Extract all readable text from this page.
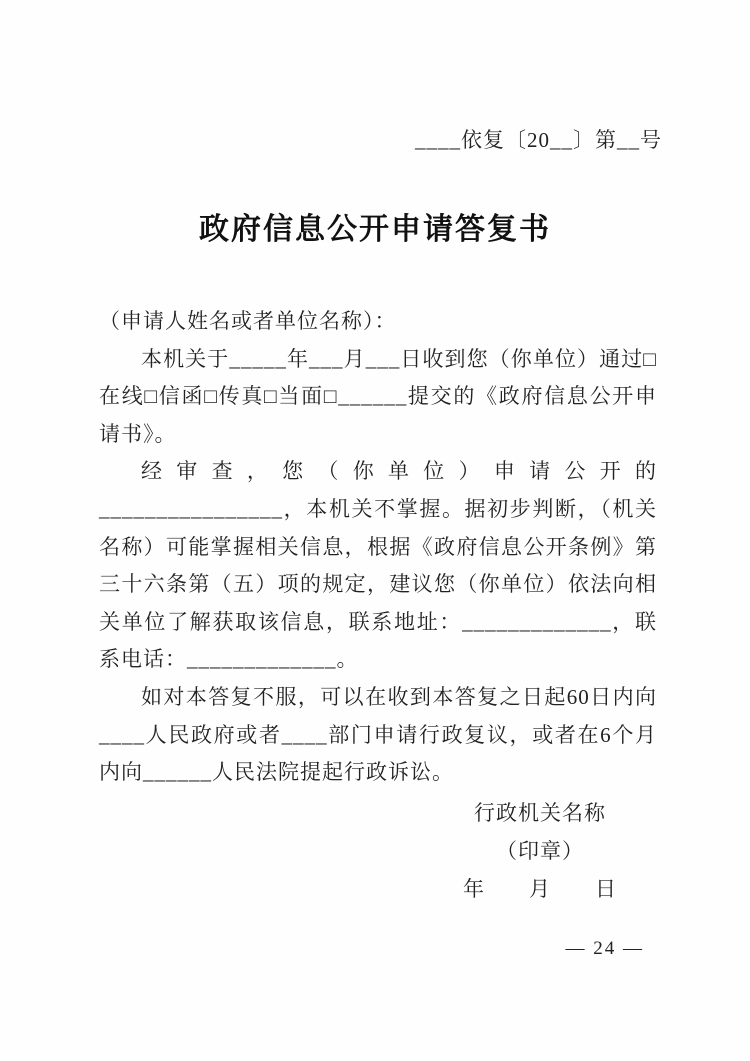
____依复〔20__〕第__号
政府信息公开申请答复书

（申请人姓名或者单位名称）：

本机关于_____年___月___日收到您（你单位）通过□在线□信函□传真□当面□______提交的《政府信息公开申请书》。

经审查，您（你单位）申请公开的________________，本机关不掌握。据初步判断，（机关名称）可能掌握相关信息，根据《政府信息公开条例》第三十六条第（五）项的规定，建议您（你单位）依法向相关单位了解获取该信息，联系地址：_____________，联系电话：_____________。

如对本答复不服，可以在收到本答复之日起60日内向____人民政府或者____部门申请行政复议，或者在6个月内向______人民法院提起行政诉讼。

行政机关名称
（印章）
年　　月　　日
— 24 —
